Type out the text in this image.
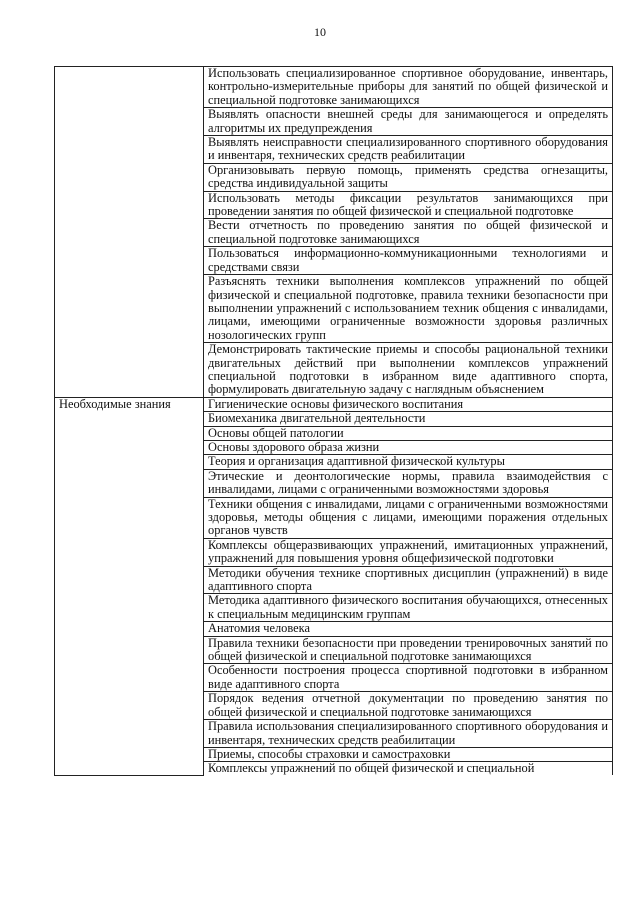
10
	Использовать специализированное спортивное оборудование, инвентарь, контрольно-измерительные приборы для занятий по общей физической и специальной подготовке занимающихся
	Выявлять опасности внешней среды для занимающегося и определять алгоритмы их предупреждения
	Выявлять неисправности специализированного спортивного оборудования и инвентаря, технических средств реабилитации
	Организовывать первую помощь, применять средства огнезащиты, средства индивидуальной защиты
	Использовать методы фиксации результатов занимающихся при проведении занятия по общей физической и специальной подготовке
	Вести отчетность по проведению занятия по общей физической и специальной подготовке занимающихся
	Пользоваться информационно-коммуникационными технологиями и средствами связи
	Разъяснять техники выполнения комплексов упражнений по общей физической и специальной подготовке, правила техники безопасности при выполнении упражнений с использованием техник общения с инвалидами, лицами, имеющими ограниченные возможности здоровья различных нозологических групп
	Демонстрировать тактические приемы и способы рациональной техники двигательных действий при выполнении комплексов упражнений специальной подготовки в избранном виде адаптивного спорта, формулировать двигательную задачу с наглядным объяснением
Необходимые знания	Гигиенические основы физического воспитания
	Биомеханика двигательной деятельности
	Основы общей патологии
	Основы здорового образа жизни
	Теория и организация адаптивной физической культуры
	Этические и деонтологические нормы, правила взаимодействия с инвалидами, лицами с ограниченными возможностями здоровья
	Техники общения с инвалидами, лицами с ограниченными возможностями здоровья, методы общения с лицами, имеющими поражения отдельных органов чувств
	Комплексы общеразвивающих упражнений, имитационных упражнений, упражнений для повышения уровня общефизической подготовки
	Методики обучения технике спортивных дисциплин (упражнений) в виде адаптивного спорта
	Методика адаптивного физического воспитания обучающихся, отнесенных к специальным медицинским группам
	Анатомия человека
	Правила техники безопасности при проведении тренировочных занятий по общей физической и специальной подготовке занимающихся
	Особенности построения процесса спортивной подготовки в избранном виде адаптивного спорта
	Порядок ведения отчетной документации по проведению занятия по общей физической и специальной подготовке занимающихся
	Правила использования специализированного спортивного оборудования и инвентаря, технических средств реабилитации
	Приемы, способы страховки и самостраховки

	Комплексы упражнений по общей физической и специальной
